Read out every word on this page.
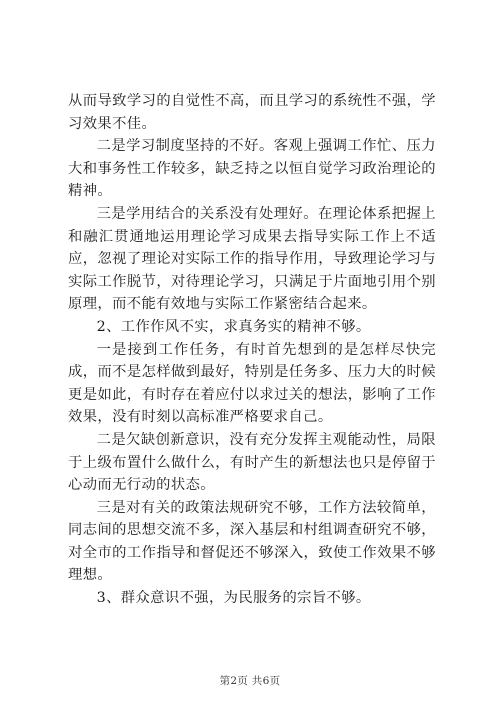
从而导致学习的自觉性不高，而且学习的系统性不强，学习效果不佳。

二是学习制度坚持的不好。客观上强调工作忙、压力大和事务性工作较多，缺乏持之以恒自觉学习政治理论的精神。

三是学用结合的关系没有处理好。在理论体系把握上和融汇贯通地运用理论学习成果去指导实际工作上不适应，忽视了理论对实际工作的指导作用，导致理论学习与实际工作脱节，对待理论学习，只满足于片面地引用个别原理，而不能有效地与实际工作紧密结合起来。

2、工作作风不实，求真务实的精神不够。

一是接到工作任务，有时首先想到的是怎样尽快完成，而不是怎样做到最好，特别是任务多、压力大的时候更是如此，有时存在着应付以求过关的想法，影响了工作效果，没有时刻以高标准严格要求自己。

二是欠缺创新意识，没有充分发挥主观能动性，局限于上级布置什么做什么，有时产生的新想法也只是停留于心动而无行动的状态。

三是对有关的政策法规研究不够，工作方法较简单，同志间的思想交流不多，深入基层和村组调查研究不够，对全市的工作指导和督促还不够深入，致使工作效果不够理想。

3、群众意识不强，为民服务的宗旨不够。

第2页 共6页
